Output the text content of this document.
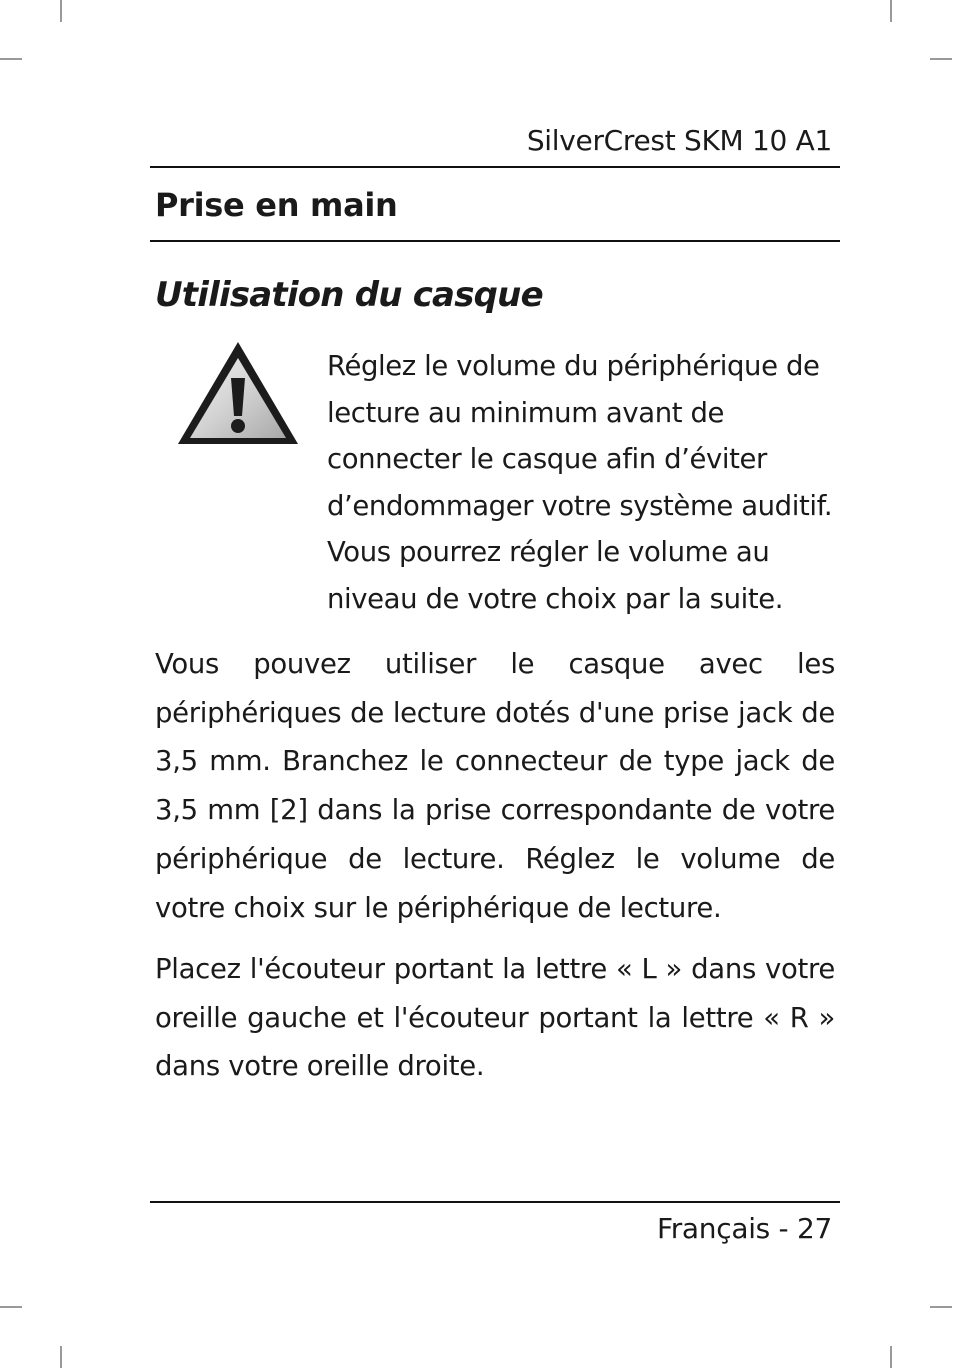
SilverCrest SKM 10 A1
Prise en main
Utilisation du casque
Réglez le volume du périphérique de lecture au minimum avant de connecter le casque afin d’éviter d’endommager votre système auditif. Vous pourrez régler le volume au niveau de votre choix par la suite.

Vous pouvez utiliser le casque avec les périphériques de lecture dotés d'une prise jack de 3,5 mm. Branchez le connecteur de type jack de 3,5 mm [2] dans la prise correspondante de votre périphérique de lecture. Réglez le volume de votre choix sur le périphérique de lecture.

Placez l'écouteur portant la lettre « L » dans votre oreille gauche et l'écouteur portant la lettre « R » dans votre oreille droite.

Français - 27
